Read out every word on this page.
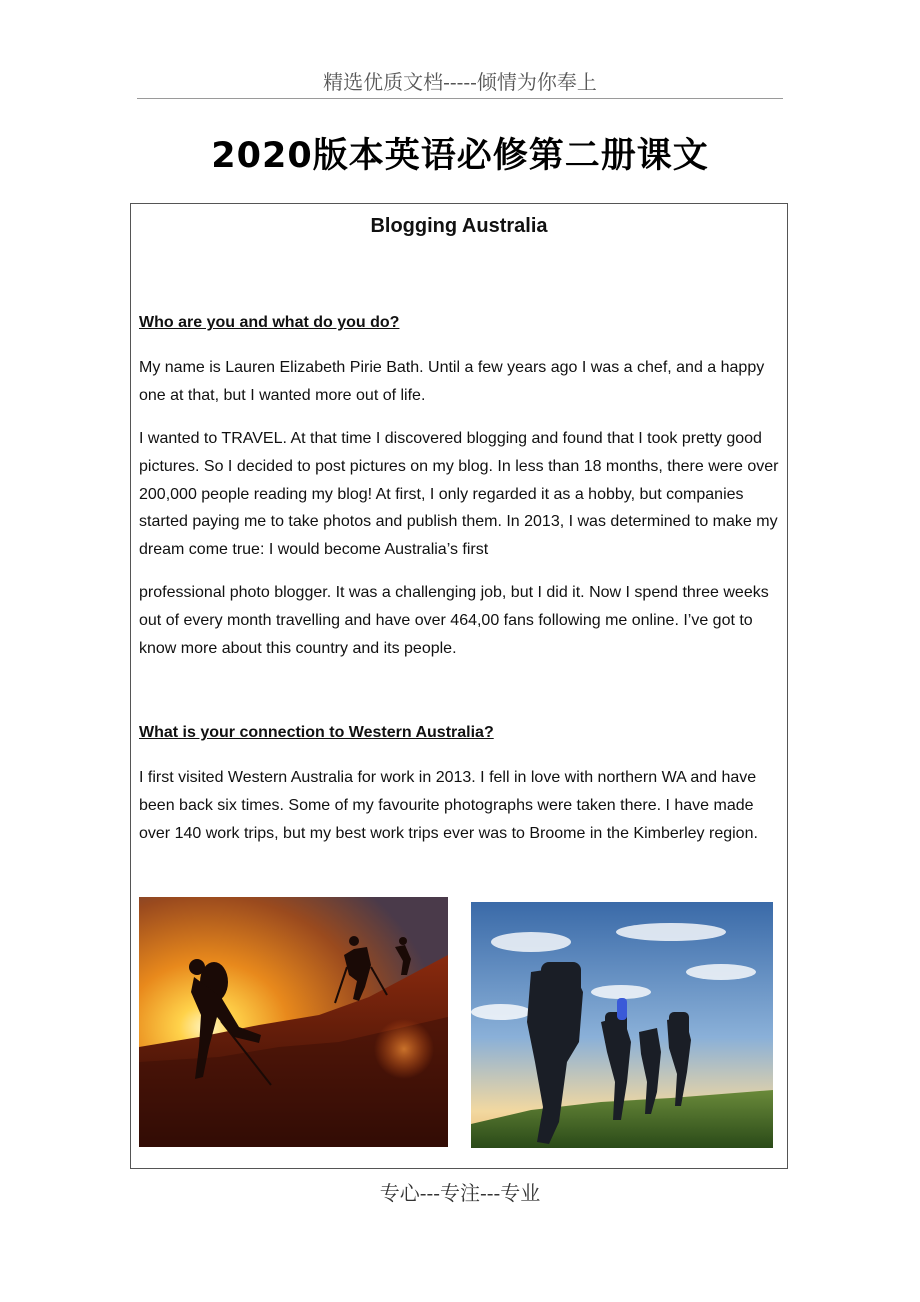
精选优质文档-----倾情为你奉上
2020版本英语必修第二册课文
Blogging Australia
Who are you and what do you do?
My name is Lauren Elizabeth Pirie Bath. Until a few years ago I was a chef, and a happy one at that, but I wanted more out of life.
I wanted to TRAVEL. At that time I discovered blogging and found that I took pretty good pictures. So I decided to post pictures on my blog. In less than 18 months, there were over 200,000 people reading my blog! At first, I only regarded it as a hobby, but companies started paying me to take photos and publish them. In 2013, I was determined to make my dream come true: I would become Australia’s first
professional photo blogger. It was a challenging job, but I did it. Now I spend three weeks out of every month travelling and have over 464,00 fans following me online. I’ve got to know more about this country and its people.
What is your connection to Western Australia?
I first visited Western Australia for work in 2013. I fell in love with northern WA and have been back six times. Some of my favourite photographs were taken there. I have made over 140 work trips, but my best work trips ever was to Broome in the Kimberley region.
专心---专注---专业
